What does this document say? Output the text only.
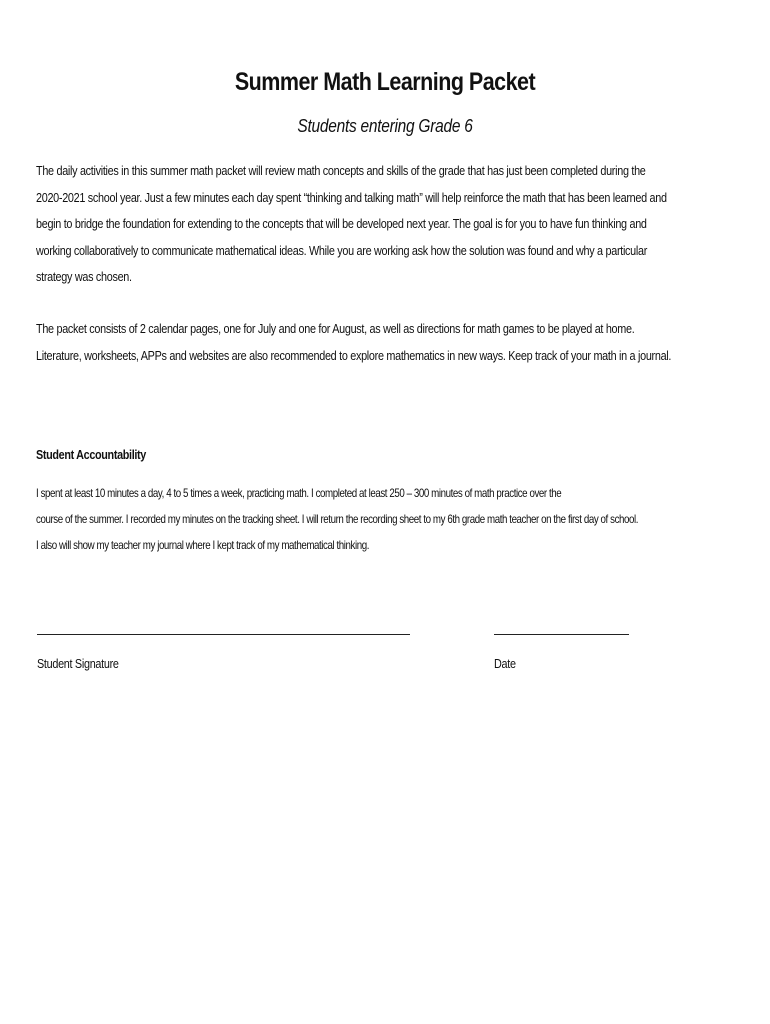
Summer Math Learning Packet
Students entering Grade 6

The daily activities in this summer math packet will review math concepts and skills of the grade that has just been completed during the 2020-2021 school year. Just a few minutes each day spent “thinking and talking math” will help reinforce the math that has been learned and begin to bridge the foundation for extending to the concepts that will be developed next year. The goal is for you to have fun thinking and working collaboratively to communicate mathematical ideas. While you are working ask how the solution was found and why a particular strategy was chosen.

The packet consists of 2 calendar pages, one for July and one for August, as well as directions for math games to be played at home. Literature, worksheets, APPs and websites are also recommended to explore mathematics in new ways. Keep track of your math in a journal.

Student Accountability

I spent at least 10 minutes a day, 4 to 5 times a week, practicing math. I completed at least 250 – 300 minutes of math practice over the
course of the summer. I recorded my minutes on the tracking sheet. I will return the recording sheet to my 6th grade math teacher on the first day of school.
I also will show my teacher my journal where I kept track of my mathematical thinking.

Student Signature	Date
